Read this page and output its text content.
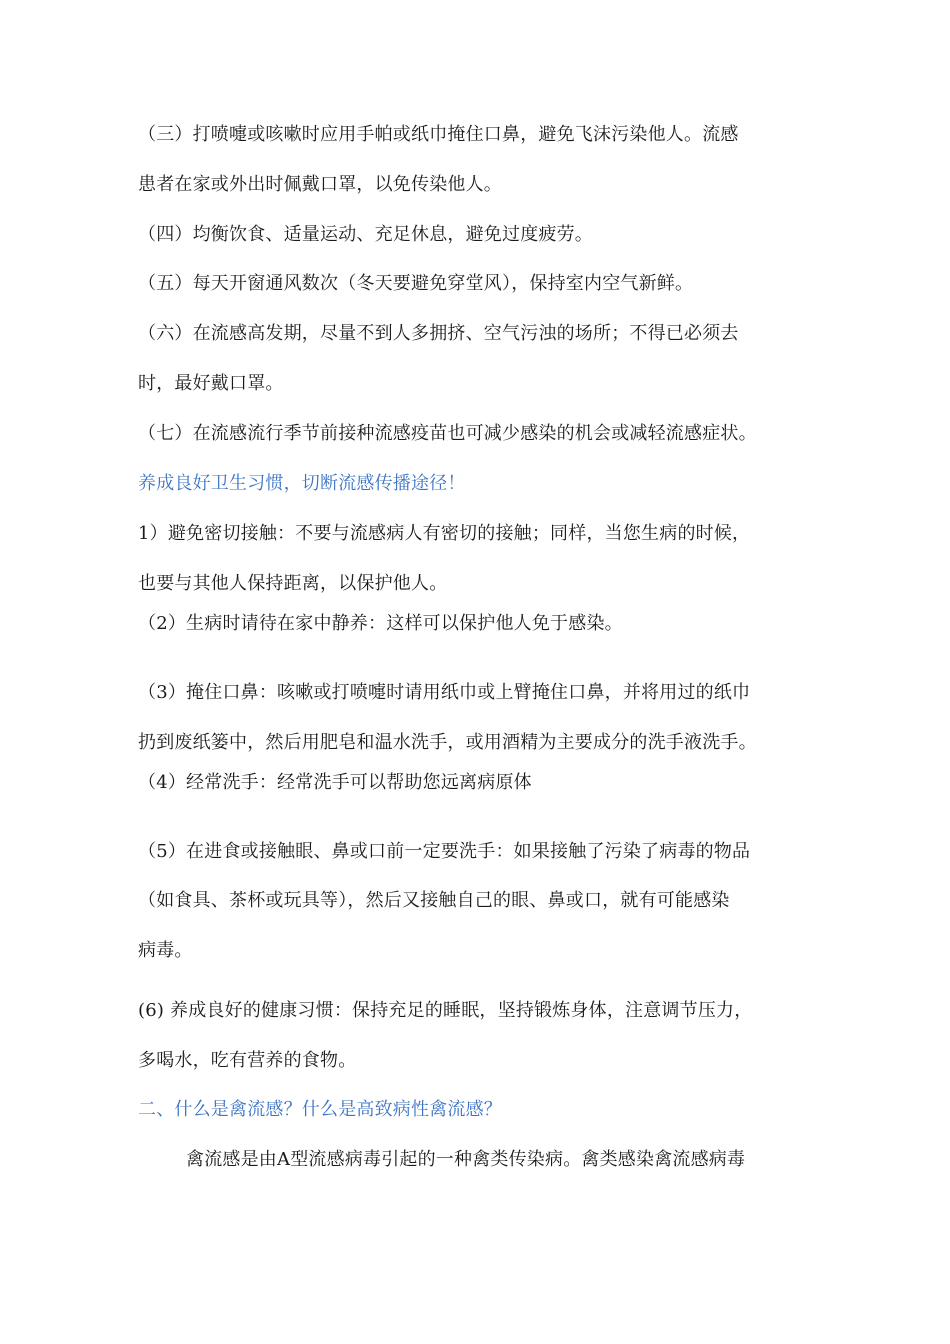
（三）打喷嚏或咳嗽时应用手帕或纸巾掩住口鼻，避免飞沫污染他人。流感
患者在家或外出时佩戴口罩，以免传染他人。
（四）均衡饮食、适量运动、充足休息，避免过度疲劳。
（五）每天开窗通风数次（冬天要避免穿堂风），保持室内空气新鲜。
（六）在流感高发期，尽量不到人多拥挤、空气污浊的场所；不得已必须去
时，最好戴口罩。
（七）在流感流行季节前接种流感疫苗也可减少感染的机会或减轻流感症状。
养成良好卫生习惯，切断流感传播途径！
1）避免密切接触：不要与流感病人有密切的接触；同样，当您生病的时候，
也要与其他人保持距离，以保护他人。
（2）生病时请待在家中静养：这样可以保护他人免于感染。
（3）掩住口鼻：咳嗽或打喷嚏时请用纸巾或上臂掩住口鼻，并将用过的纸巾
扔到废纸篓中，然后用肥皂和温水洗手，或用酒精为主要成分的洗手液洗手。
（4）经常洗手：经常洗手可以帮助您远离病原体
（5）在进食或接触眼、鼻或口前一定要洗手：如果接触了污染了病毒的物品
（如食具、茶杯或玩具等），然后又接触自己的眼、鼻或口，就有可能感染
病毒。
(6) 养成良好的健康习惯：保持充足的睡眠，坚持锻炼身体，注意调节压力，
多喝水，吃有营养的食物。
二、什么是禽流感？什么是高致病性禽流感？
禽流感是由A型流感病毒引起的一种禽类传染病。禽类感染禽流感病毒
